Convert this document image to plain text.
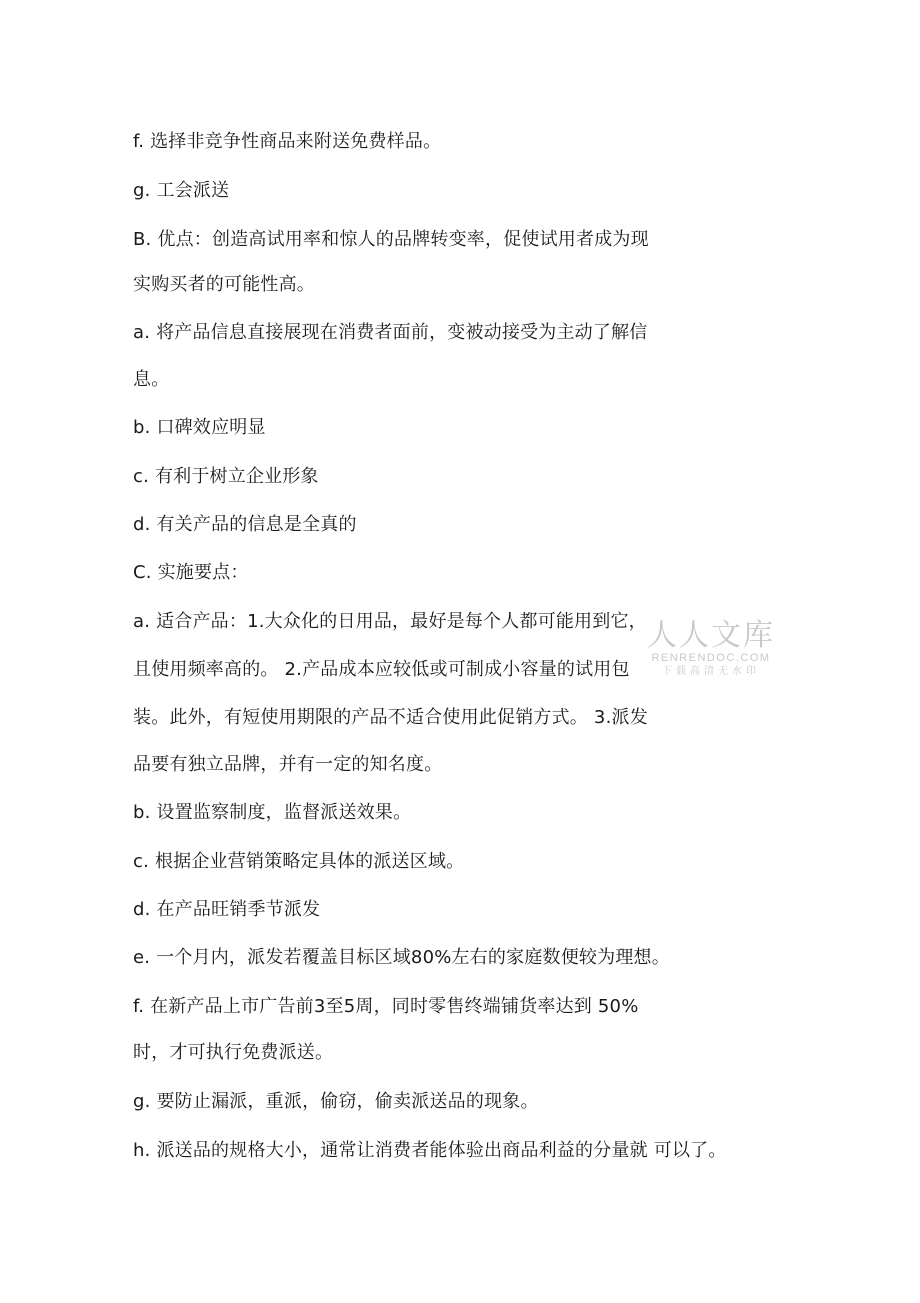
f. 选择非竞争性商品来附送免费样品。
g. 工会派送
B. 优点：创造高试用率和惊人的品牌转变率，促使试用者成为现
实购买者的可能性高。
a. 将产品信息直接展现在消费者面前，变被动接受为主动了解信
息。
b. 口碑效应明显
c. 有利于树立企业形象
d. 有关产品的信息是全真的
C. 实施要点：
a. 适合产品：1.大众化的日用品，最好是每个人都可能用到它，
且使用频率高的。 2.产品成本应较低或可制成小容量的试用包
装。此外，有短使用期限的产品不适合使用此促销方式。 3.派发
品要有独立品牌，并有一定的知名度。
b. 设置监察制度，监督派送效果。
c. 根据企业营销策略定具体的派送区域。
d. 在产品旺销季节派发
e. 一个月内，派发若覆盖目标区域80%左右的家庭数便较为理想。
f. 在新产品上市广告前3至5周，同时零售终端铺货率达到 50%
时，才可执行免费派送。
g. 要防止漏派，重派，偷窃，偷卖派送品的现象。
h. 派送品的规格大小，通常让消费者能体验出商品利益的分量就 可以了。
人人文库
RENRENDOC.COM
下载高清无水印
